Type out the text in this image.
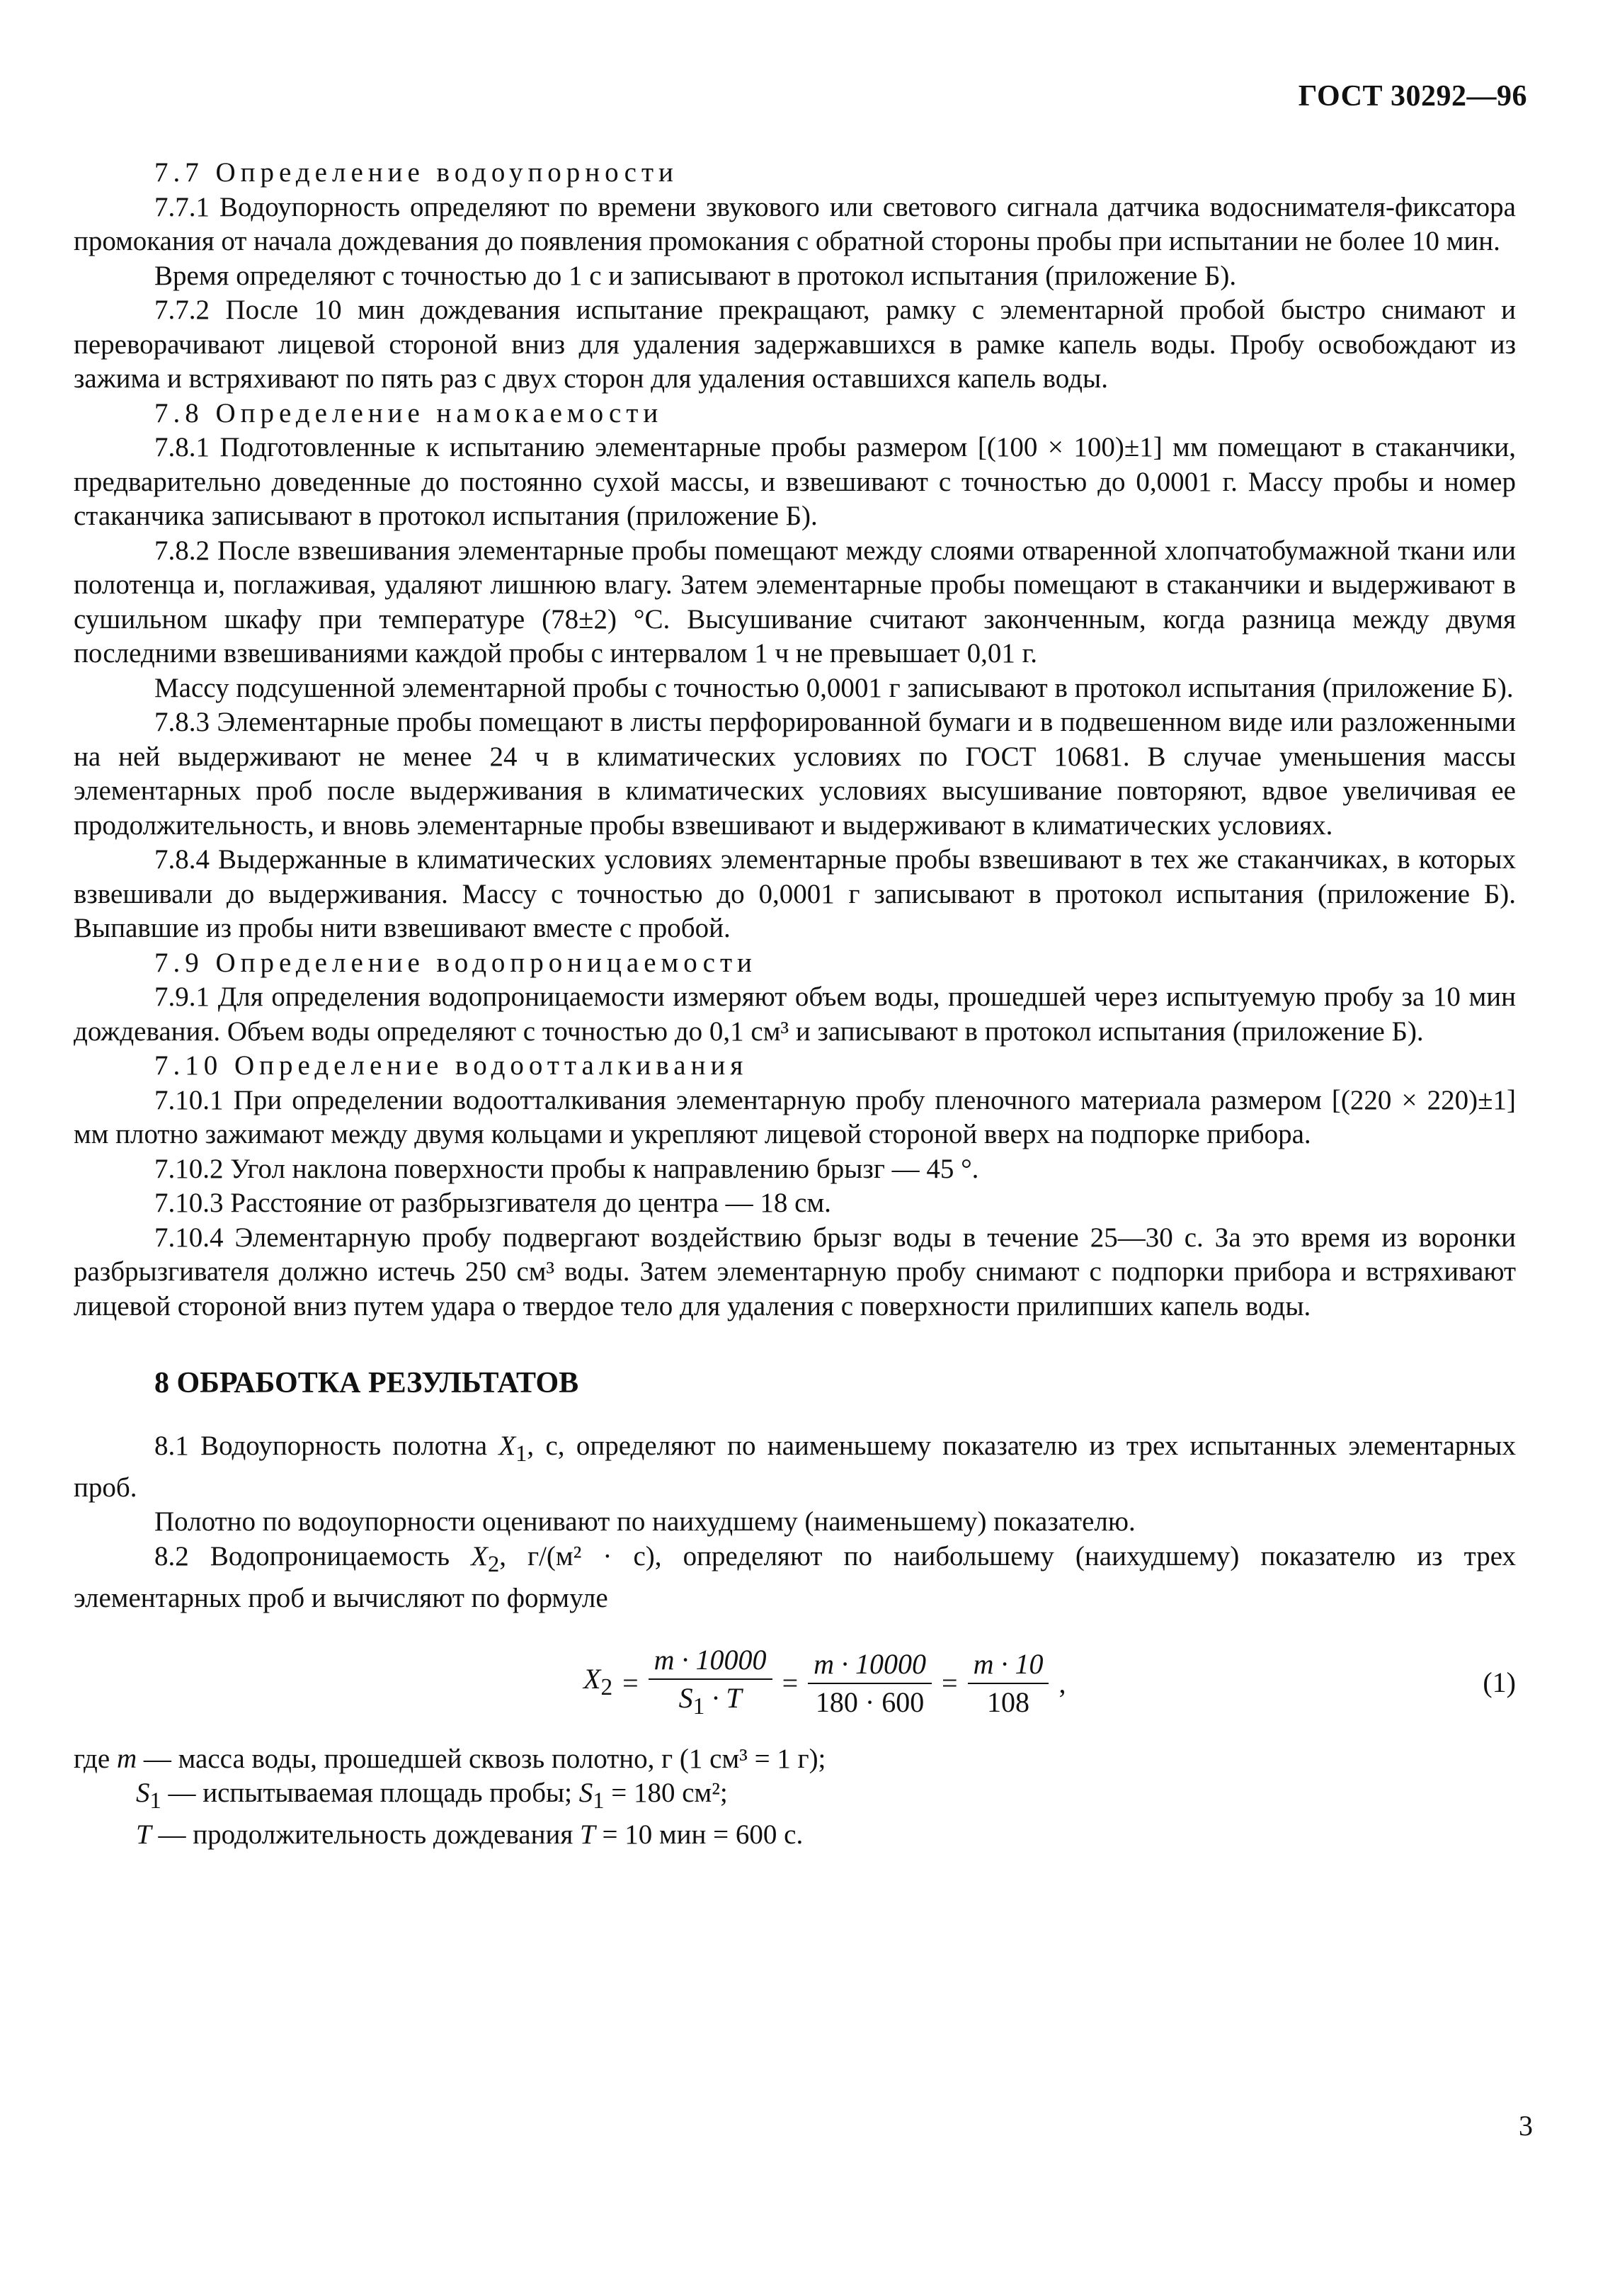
ГОСТ 30292—96

7.7 Определение водоупорности

7.7.1 Водоупорность определяют по времени звукового или светового сигнала датчика водоснимателя-фиксатора промокания от начала дождевания до появления промокания с обратной стороны пробы при испытании не более 10 мин.

Время определяют с точностью до 1 с и записывают в протокол испытания (приложение Б).

7.7.2 После 10 мин дождевания испытание прекращают, рамку с элементарной пробой быстро снимают и переворачивают лицевой стороной вниз для удаления задержавшихся в рамке капель воды. Пробу освобождают из зажима и встряхивают по пять раз с двух сторон для удаления оставшихся капель воды.

7.8 Определение намокаемости

7.8.1 Подготовленные к испытанию элементарные пробы размером [(100 × 100)±1] мм помещают в стаканчики, предварительно доведенные до постоянно сухой массы, и взвешивают с точностью до 0,0001 г. Массу пробы и номер стаканчика записывают в протокол испытания (приложение Б).

7.8.2 После взвешивания элементарные пробы помещают между слоями отваренной хлопчатобумажной ткани или полотенца и, поглаживая, удаляют лишнюю влагу. Затем элементарные пробы помещают в стаканчики и выдерживают в сушильном шкафу при температуре (78±2) °С. Высушивание считают законченным, когда разница между двумя последними взвешиваниями каждой пробы с интервалом 1 ч не превышает 0,01 г.

Массу подсушенной элементарной пробы с точностью 0,0001 г записывают в протокол испытания (приложение Б).

7.8.3 Элементарные пробы помещают в листы перфорированной бумаги и в подвешенном виде или разложенными на ней выдерживают не менее 24 ч в климатических условиях по ГОСТ 10681. В случае уменьшения массы элементарных проб после выдерживания в климатических условиях высушивание повторяют, вдвое увеличивая ее продолжительность, и вновь элементарные пробы взвешивают и выдерживают в климатических условиях.

7.8.4 Выдержанные в климатических условиях элементарные пробы взвешивают в тех же стаканчиках, в которых взвешивали до выдерживания. Массу с точностью до 0,0001 г записывают в протокол испытания (приложение Б). Выпавшие из пробы нити взвешивают вместе с пробой.

7.9 Определение водопроницаемости

7.9.1 Для определения водопроницаемости измеряют объем воды, прошедшей через испытуемую пробу за 10 мин дождевания. Объем воды определяют с точностью до 0,1 см³ и записывают в протокол испытания (приложение Б).

7.10 Определение водоотталкивания

7.10.1 При определении водоотталкивания элементарную пробу пленочного материала размером [(220 × 220)±1] мм плотно зажимают между двумя кольцами и укрепляют лицевой стороной вверх на подпорке прибора.

7.10.2 Угол наклона поверхности пробы к направлению брызг — 45 °.

7.10.3 Расстояние от разбрызгивателя до центра — 18 см.

7.10.4 Элементарную пробу подвергают воздействию брызг воды в течение 25—30 с. За это время из воронки разбрызгивателя должно истечь 250 см³ воды. Затем элементарную пробу снимают с подпорки прибора и встряхивают лицевой стороной вниз путем удара о твердое тело для удаления с поверхности прилипших капель воды.

8 ОБРАБОТКА РЕЗУЛЬТАТОВ

8.1 Водоупорность полотна $X_1$, с, определяют по наименьшему показателю из трех испытанных элементарных проб.

Полотно по водоупорности оценивают по наихудшему (наименьшему) показателю.

8.2 Водопроницаемость $X_2$, г/(м² · с), определяют по наибольшему (наихудшему) показателю из трех элементарных проб и вычисляют по формуле

$X_2 = \frac{m \cdot 10000}{S_1 \cdot T} = \frac{m \cdot 10000}{180 \cdot 600} = \frac{m \cdot 10}{108}$ ,	(1)

где m — масса воды, прошедшей сквозь полотно, г (1 см³ = 1 г);

$S_1$ — испытываемая площадь пробы; $S_1 = 180$ см²;

T — продолжительность дождевания T = 10 мин = 600 с.

3
